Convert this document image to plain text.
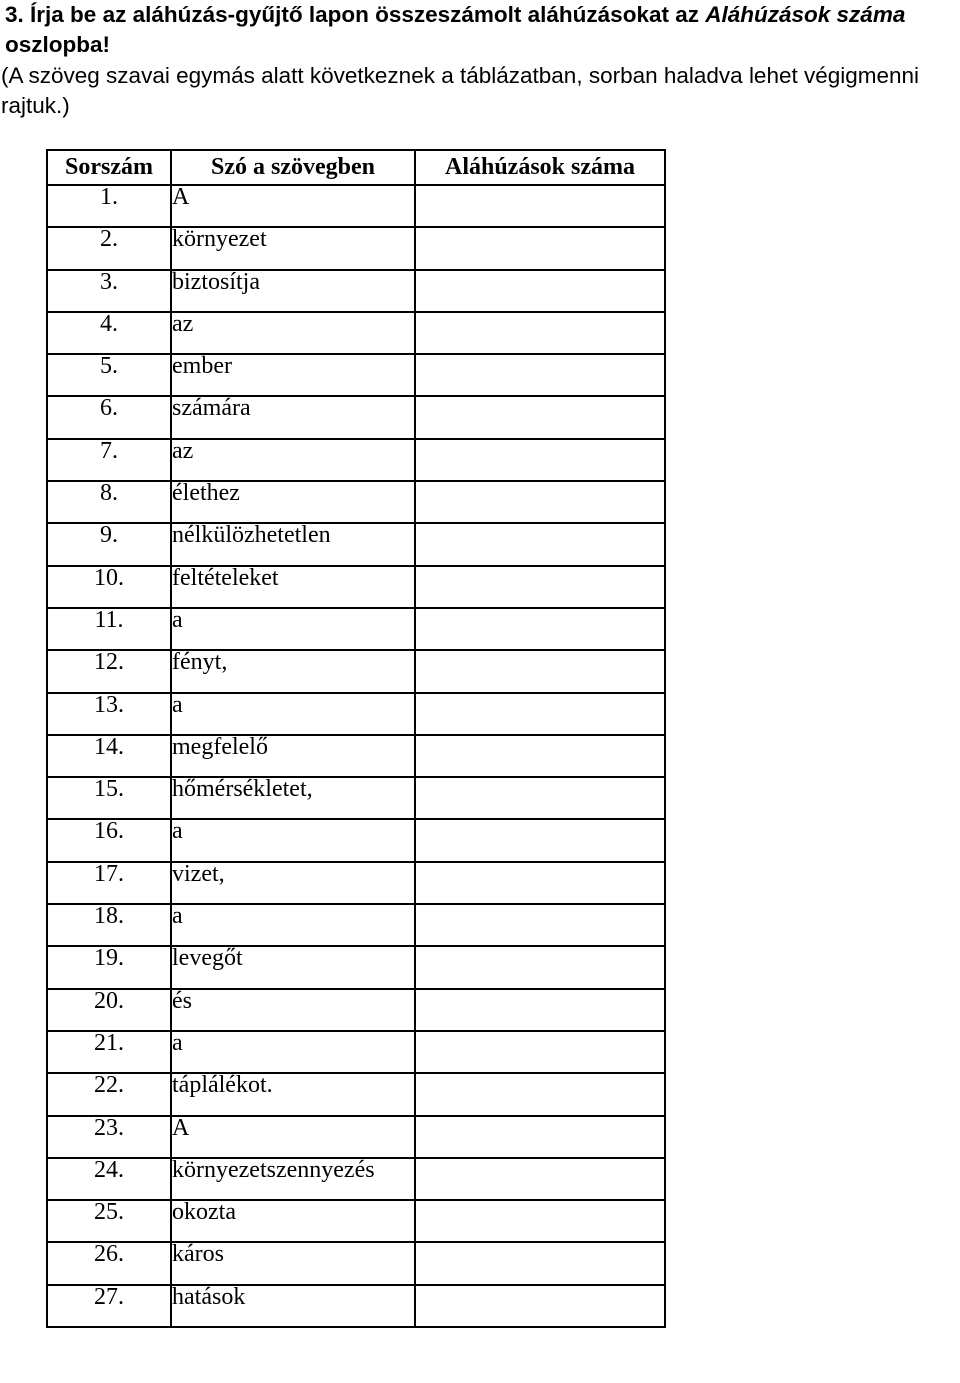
3. Írja be az aláhúzás-gyűjtő lapon összeszámolt aláhúzásokat az Aláhúzások száma oszlopba!
(A szöveg szavai egymás alatt következnek a táblázatban, sorban haladva lehet végigmenni rajtuk.)
Sorszám	Szó a szövegben	Aláhúzások száma
1.	A	
2.	környezet	
3.	biztosítja	
4.	az	
5.	ember	
6.	számára	
7.	az	
8.	élethez	
9.	nélkülözhetetlen	
10.	feltételeket	
11.	a	
12.	fényt,	
13.	a	
14.	megfelelő	
15.	hőmérsékletet,	
16.	a	
17.	vizet,	
18.	a	
19.	levegőt	
20.	és	
21.	a	
22.	táplálékot.	
23.	A	
24.	környezetszennyezés	
25.	okozta	
26.	káros	
27.	hatások	
